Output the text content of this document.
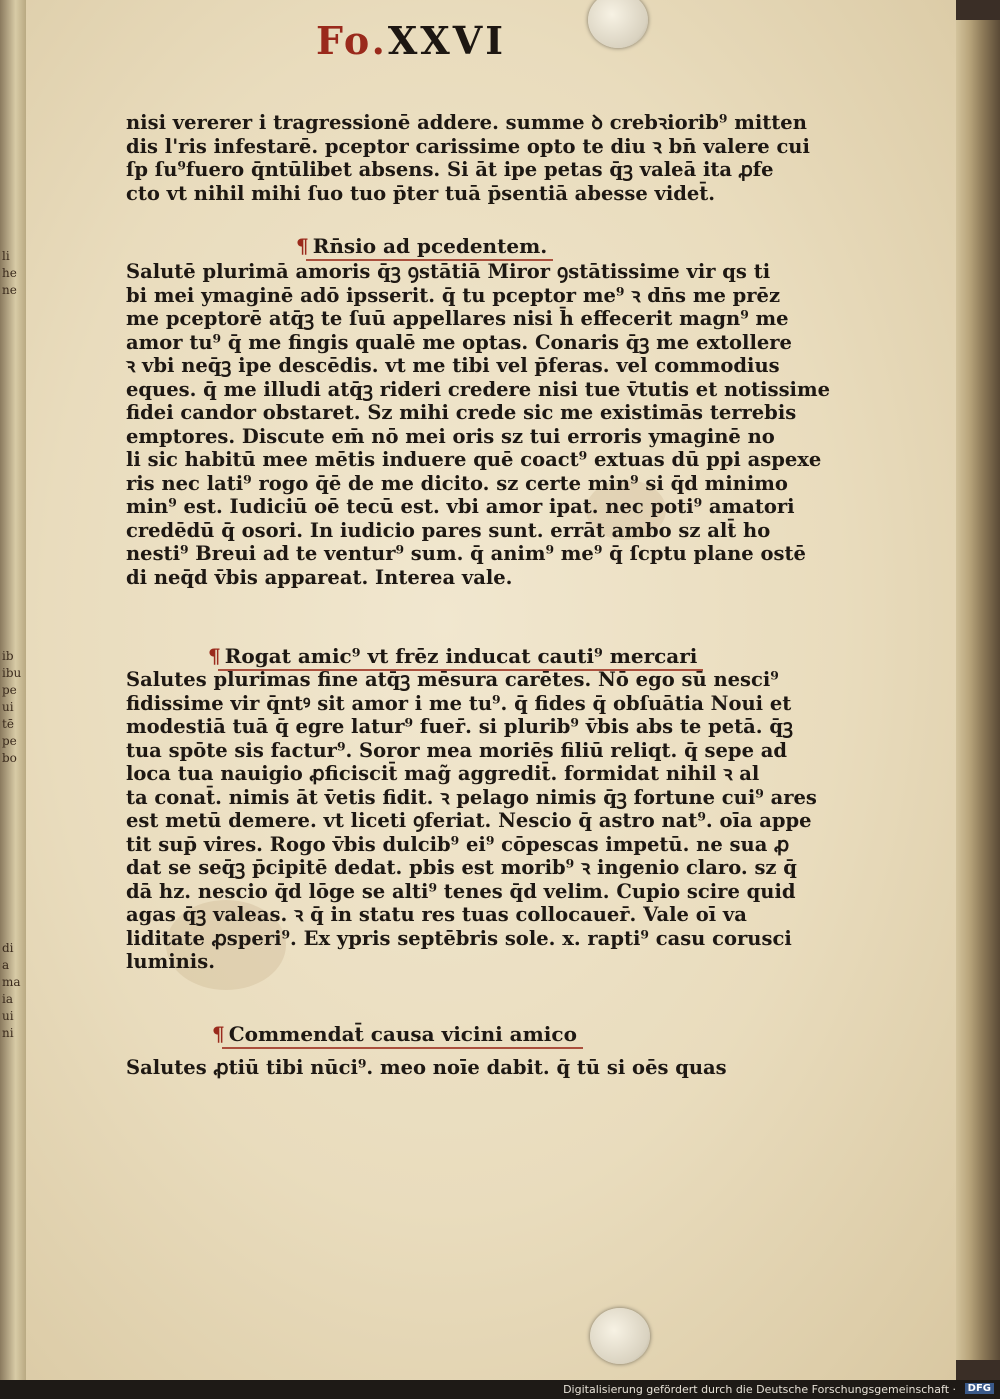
li
he
ne
ib
ibu
pe
ui
tē
pe
bo
di
a
ma
ia
ui
ni
Fo.XXVI
nisi vererer i tragressionē addere. summe ꝺ crebꝛiorib⁹ mitten
dis l'ris infestarē. pceptor carissime opto te diu ꝛ bn̄ valere cui
ſp ſu⁹fuero q̄ntūlibet absens. Si āt ipe petas q̄ꝫ valeā ita ꝓfe
cto vt nihil mihi ſuo tuo p̄ter tuā p̄sentiā abesse videt̄.
¶ Rn̄sio ad pcedentem.
Salutē plurimā amoris q̄ꝫ ꝯstātiā Miror ꝯstātissime vir qs ti
bi mei ymaginē adō ipsserit. q̄ tu pceptor me⁹ ꝛ dn̄s me prēz
me pceptorē atq̄ꝫ te ſuū appellares nisi h̄ effecerit magn⁹ me
amor tu⁹ q̄ me fingis qualē me optas. Conaris q̄ꝫ me extollere
ꝛ vbi neq̄ꝫ ipe descēdis. vt me tibi vel p̄feras. vel commodius
eques. q̄ me illudi atq̄ꝫ rideri credere nisi tue v̄tutis et notissime
fidei candor obstaret. Sz mihi crede sic me existimās terrebis
emptores. Discute em̄ nō mei oris sz tui erroris ymaginē no
li sic habitū mee mētis induere quē coact⁹ extuas dū ppi aspexe
ris nec lati⁹ rogo q̄ē de me dicito. sz certe min⁹ si q̄d minimo
min⁹ est. Iudiciū oē tecū est. vbi amor ipat. nec poti⁹ amatori
credēdū q̄ osori. In iudicio pares sunt. errāt ambo sz alt̄ ho
nesti⁹ Breui ad te ventur⁹ sum. q̄ anim⁹ me⁹ q̄ ſcptu plane ostē
di neq̄d v̄bis appareat. Interea vale.
¶ Rogat amic⁹ vt frēz inducat cauti⁹ mercari
Salutes plurimas fine atq̄ꝫ mēsura carētes. Nō ego sū nesci⁹
fidissime vir q̄ntꝰ sit amor i me tu⁹. q̄ fides q̄ obſuātia Noui et
modestiā tuā q̄ egre latur⁹ fuer̄. si plurib⁹ v̄bis abs te petā. q̄ꝫ
tua spōte sis factur⁹. Soror mea moriēs filiū reliqt. q̄ sepe ad
loca tua nauigio ꝓficiscit̄ mag̃ aggredit̄. formidat nihil ꝛ al
ta conat̄. nimis āt v̄etis fidit. ꝛ pelago nimis q̄ꝫ fortune cui⁹ ares
est metū demere. vt liceti ꝯferiat. Nescio q̄ astro nat⁹. oīa appe
tit sup̄ vires. Rogo v̄bis dulcib⁹ ei⁹ cōpescas impetū. ne sua ꝓ
dat se seq̄ꝫ p̄cipitē dedat. pbis est morib⁹ ꝛ ingenio claro. sz q̄
dā hz. nescio q̄d lōge se alti⁹ tenes q̄d velim. Cupio scire quid
agas q̄ꝫ valeas. ꝛ q̄ in statu res tuas collocauer̄. Vale oī va
liditate ꝓsperi⁹. Ex ypris septēbris sole. x. rapti⁹ casu corusci
luminis.
¶ Commendat̄ causa vicini amico
Salutes ꝓtiū tibi nūci⁹. meo noīe dabit. q̄ tū si oēs quas
Digitalisierung gefördert durch die Deutsche Forschungsgemeinschaft ·	DFG
